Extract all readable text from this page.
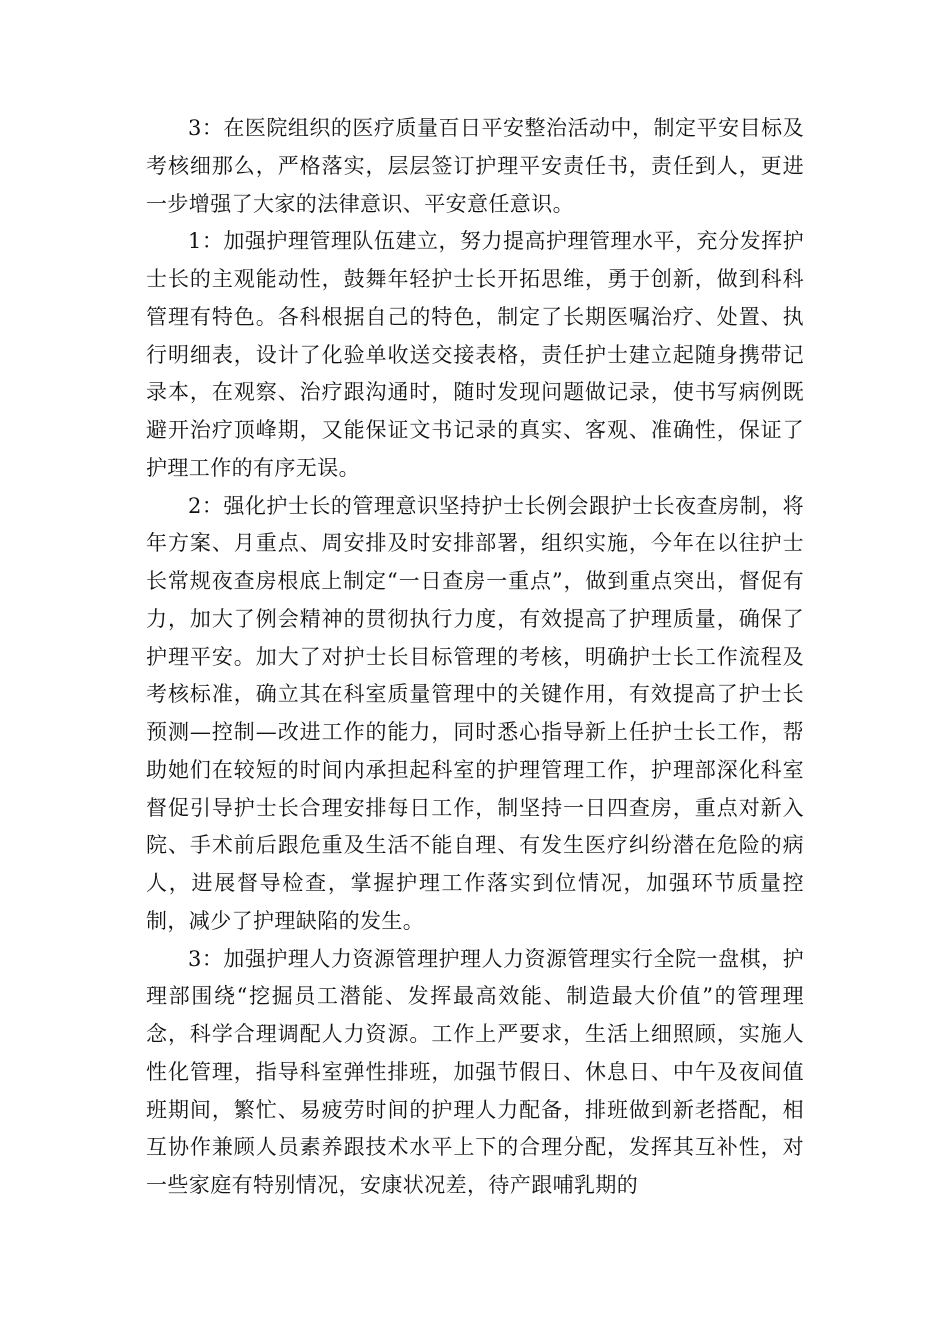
3：在医院组织的医疗质量百日平安整治活动中，制定平安目标及考核细那么，严格落实，层层签订护理平安责任书，责任到人，更进一步增强了大家的法律意识、平安意任意识。

1：加强护理管理队伍建立，努力提高护理管理水平，充分发挥护士长的主观能动性，鼓舞年轻护士长开拓思维，勇于创新，做到科科管理有特色。各科根据自己的特色，制定了长期医嘱治疗、处置、执行明细表，设计了化验单收送交接表格，责任护士建立起随身携带记录本，在观察、治疗跟沟通时，随时发现问题做记录，使书写病例既避开治疗顶峰期，又能保证文书记录的真实、客观、准确性，保证了护理工作的有序无误。

2：强化护士长的管理意识坚持护士长例会跟护士长夜查房制，将年方案、月重点、周安排及时安排部署，组织实施，今年在以往护士长常规夜查房根底上制定“一日查房一重点”，做到重点突出，督促有力，加大了例会精神的贯彻执行力度，有效提高了护理质量，确保了护理平安。加大了对护士长目标管理的考核，明确护士长工作流程及考核标准，确立其在科室质量管理中的关键作用，有效提高了护士长预测—控制—改进工作的能力，同时悉心指导新上任护士长工作，帮助她们在较短的时间内承担起科室的护理管理工作，护理部深化科室督促引导护士长合理安排每日工作，制坚持一日四查房，重点对新入院、手术前后跟危重及生活不能自理、有发生医疗纠纷潜在危险的病人，进展督导检查，掌握护理工作落实到位情况，加强环节质量控制，减少了护理缺陷的发生。

3：加强护理人力资源管理护理人力资源管理实行全院一盘棋，护理部围绕“挖掘员工潜能、发挥最高效能、制造最大价值”的管理理念，科学合理调配人力资源。工作上严要求，生活上细照顾，实施人性化管理，指导科室弹性排班，加强节假日、休息日、中午及夜间值班期间，繁忙、易疲劳时间的护理人力配备，排班做到新老搭配，相互协作兼顾人员素养跟技术水平上下的合理分配，发挥其互补性，对一些家庭有特别情况，安康状况差，待产跟哺乳期的
